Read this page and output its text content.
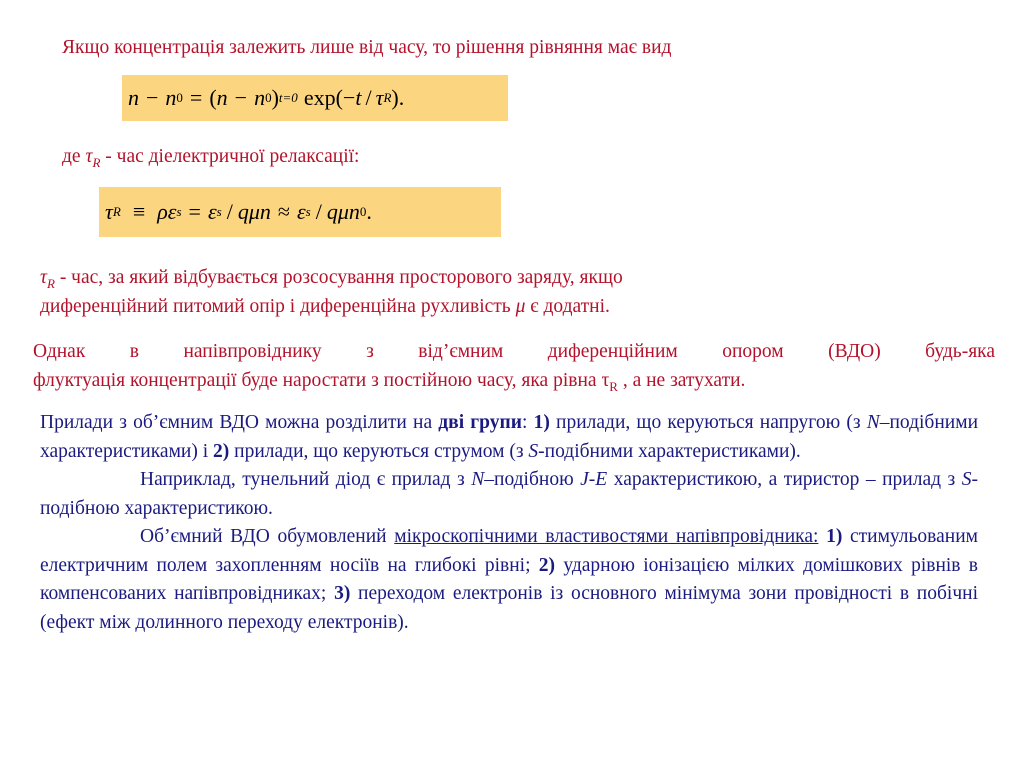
Якщо концентрація залежить лише від часу, то рішення рівняння має вид
n − n 0 = ( n − n 0 ) t=0 exp(− t / τ R ).
де $\tau_R$ - час діелектричної релаксації:
τ R ≡ ρε s = ε s / qμn ≈ ε s / qμn 0 .
$\tau_R$ - час, за який відбувається розсосування просторового заряду, якщо
диференційний питомий опір і диференційна рухливість μ є додатні.
Однак в напівпровіднику з від’ємним диференційним опором (ВДО) будь-яка
флуктуація концентрації буде наростати з постійною часу, яка рівна $\tau_R$ , а не затухати.

Прилади з об’ємним ВДО можна розділити на дві групи: 1) прилади, що керуються напругою (з N–подібними характеристиками) і 2) прилади, що керуються струмом (з S-подібними характеристиками).

Наприклад, тунельний діод є прилад з N–подібною J-E характеристикою, а тиристор – прилад з S-подібною характеристикою.

Об’ємний ВДО обумовлений мікроскопічними властивостями напівпровідника: 1) стимульованим електричним полем захопленням носіїв на глибокі рівні; 2) ударною іонізацією мілких домішкових рівнів в компенсованих напівпровідниках; 3) переходом електронів із основного мінімума зони провідності в побічні (ефект між долинного переходу електронів).
